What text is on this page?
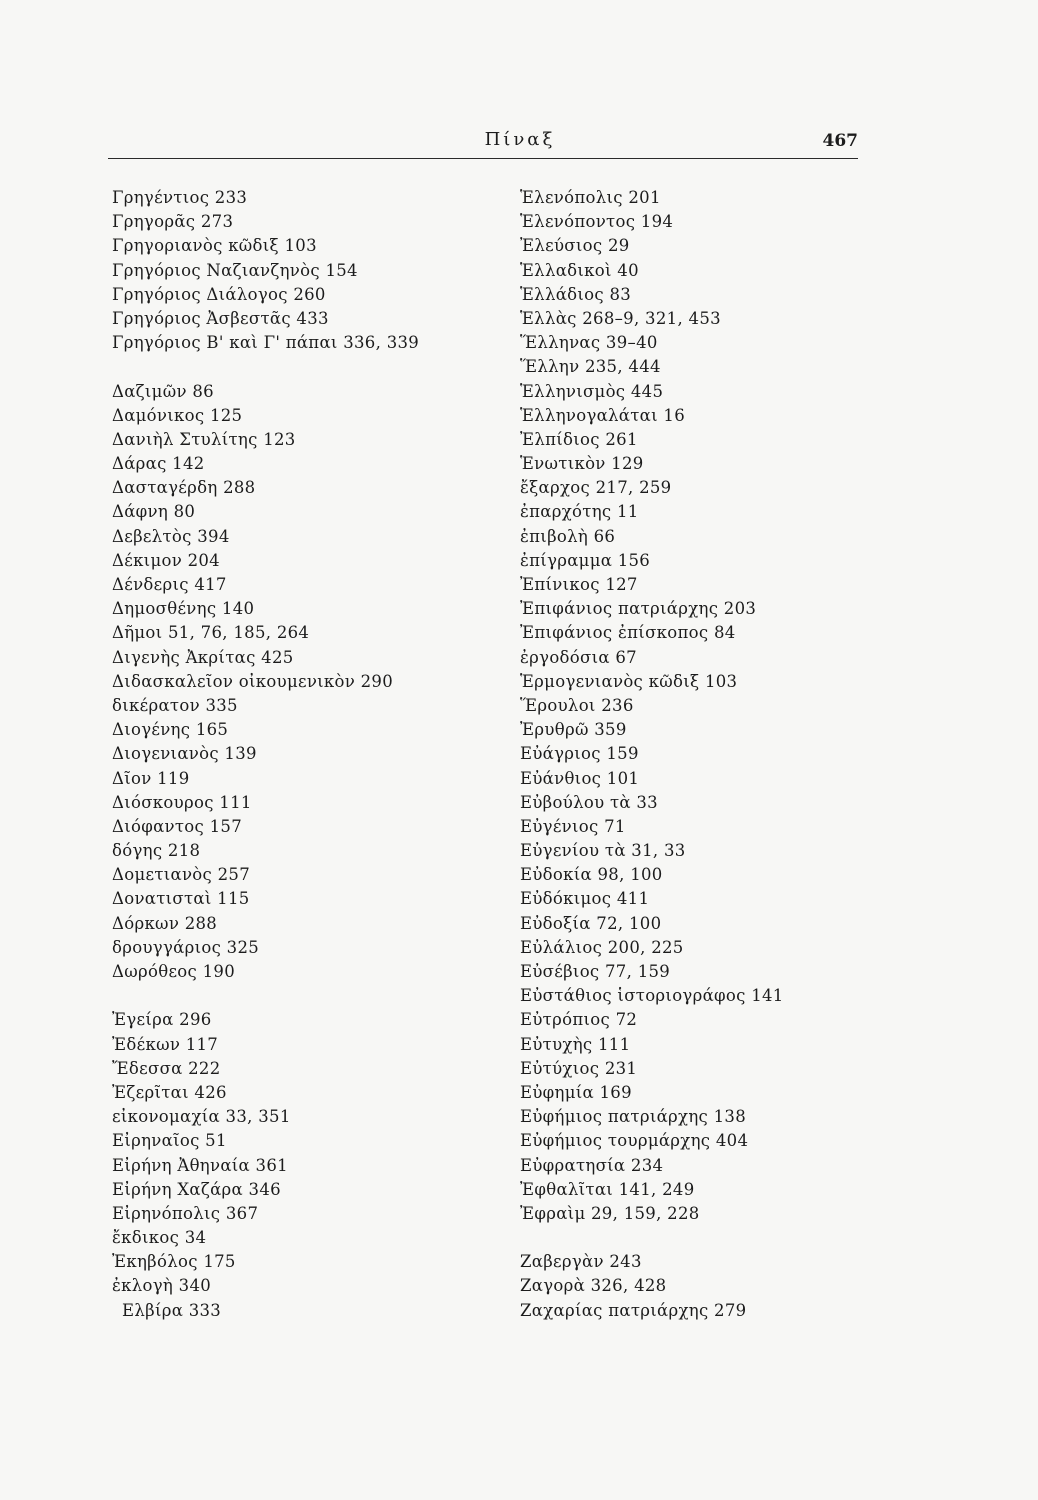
Πίναξ	467
Γρηγέντιος 233
Γρηγορᾶς 273
Γρηγοριανὸς κῶδιξ 103
Γρηγόριος Ναζιανζηνὸς 154
Γρηγόριος Διάλογος 260
Γρηγόριος Ἀσβεστᾶς 433
Γρηγόριος Β' καὶ Γ' πάπαι 336, 339
Δαζιμῶν 86
Δαμόνικος 125
Δανιὴλ Στυλίτης 123
Δάρας 142
Δασταγέρδη 288
Δάφνη 80
Δεβελτὸς 394
Δέκιμον 204
Δένδερις 417
Δημοσθένης 140
Δῆμοι 51, 76, 185, 264
Διγενὴς Ἀκρίτας 425
Διδασκαλεῖον οἰκουμενικὸν 290
δικέρατον 335
Διογένης 165
Διογενιανὸς 139
Δῖον 119
Διόσκουρος 111
Διόφαντος 157
δόγης 218
Δομετιανὸς 257
Δονατισταὶ 115
Δόρκων 288
δρουγγάριος 325
Δωρόθεος 190
Ἐγείρα 296
Ἐδέκων 117
Ἔδεσσα 222
Ἐζερῖται 426
εἰκονομαχία 33, 351
Εἰρηναῖος 51
Εἰρήνη Ἀθηναία 361
Εἰρήνη Χαζάρα 346
Εἰρηνόπολις 367
ἔκδικος 34
Ἐκηβόλος 175
ἐκλογὴ 340
Ελβίρα 333
Ἑλενόπολις 201
Ἑλενόποντος 194
Ἐλεύσιος 29
Ἑλλαδικοὶ 40
Ἑλλάδιος 83
Ἑλλὰς 268–9, 321, 453
Ἕλληνας 39–40
Ἕλλην 235, 444
Ἑλληνισμὸς 445
Ἑλληνογαλάται 16
Ἐλπίδιος 261
Ἑνωτικὸν 129
ἔξαρχος 217, 259
ἐπαρχότης 11
ἐπιβολὴ 66
ἐπίγραμμα 156
Ἐπίνικος 127
Ἐπιφάνιος πατριάρχης 203
Ἐπιφάνιος ἐπίσκοπος 84
ἐργοδόσια 67
Ἑρμογενιανὸς κῶδιξ 103
Ἕρουλοι 236
Ἐρυθρῶ 359
Εὐάγριος 159
Εὐάνθιος 101
Εὐβούλου τὰ 33
Εὐγένιος 71
Εὐγενίου τὰ 31, 33
Εὐδοκία 98, 100
Εὐδόκιμος 411
Εὐδοξία 72, 100
Εὐλάλιος 200, 225
Εὐσέβιος 77, 159
Εὐστάθιος ἱστοριογράφος 141
Εὐτρόπιος 72
Εὐτυχὴς 111
Εὐτύχιος 231
Εὐφημία 169
Εὐφήμιος πατριάρχης 138
Εὐφήμιος τουρμάρχης 404
Εὐφρατησία 234
Ἐφθαλῖται 141, 249
Ἐφραὶμ 29, 159, 228
Ζαβεργὰν 243
Ζαγορὰ 326, 428
Ζαχαρίας πατριάρχης 279
